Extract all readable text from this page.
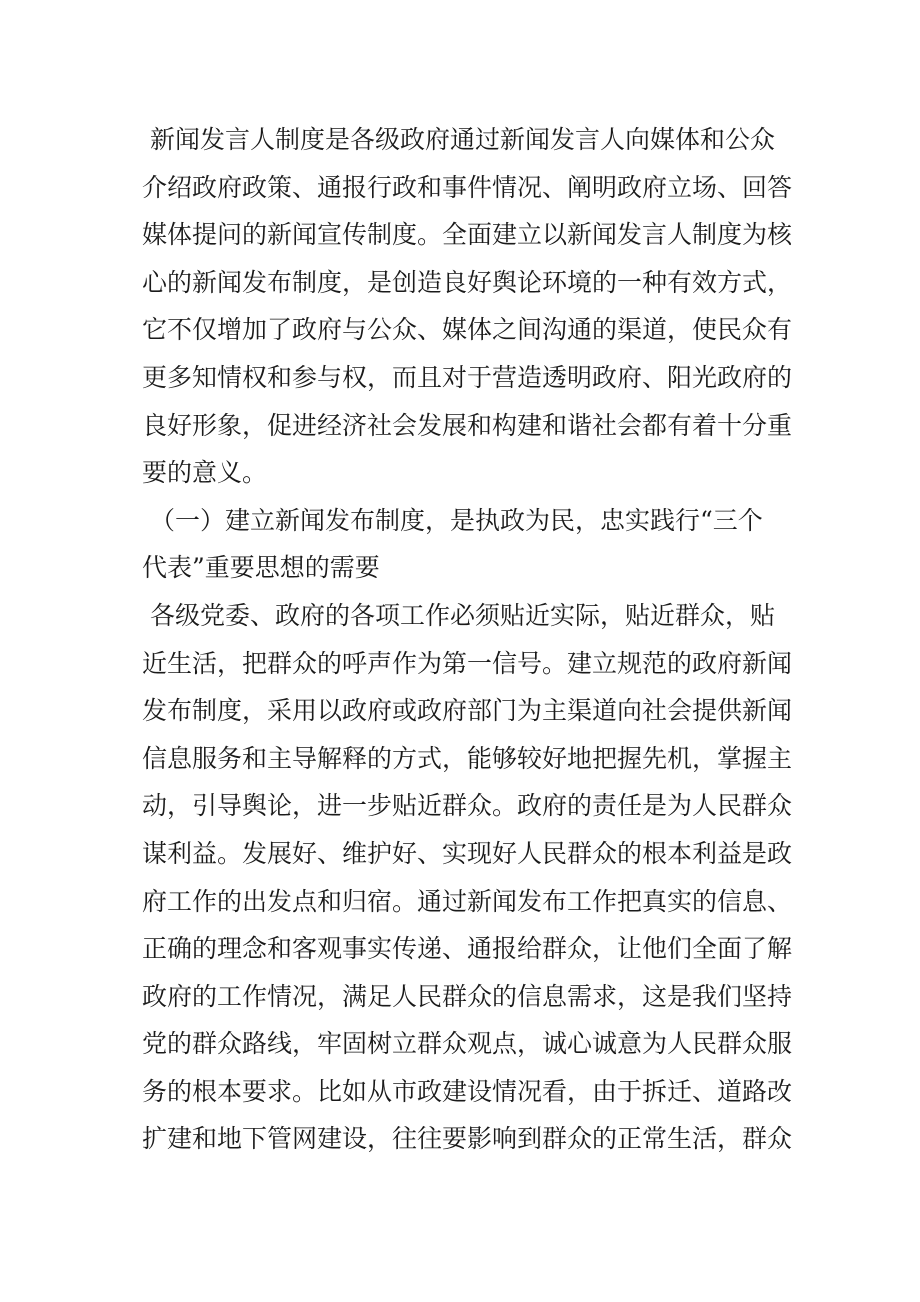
新闻发言人制度是各级政府通过新闻发言人向媒体和公众
介绍政府政策、通报行政和事件情况、阐明政府立场、回答
媒体提问的新闻宣传制度。全面建立以新闻发言人制度为核
心的新闻发布制度，是创造良好舆论环境的一种有效方式，
它不仅增加了政府与公众、媒体之间沟通的渠道，使民众有
更多知情权和参与权，而且对于营造透明政府、阳光政府的
良好形象，促进经济社会发展和构建和谐社会都有着十分重
要的意义。
（一）建立新闻发布制度，是执政为民，忠实践行“三个
代表”重要思想的需要
各级党委、政府的各项工作必须贴近实际，贴近群众，贴
近生活，把群众的呼声作为第一信号。建立规范的政府新闻
发布制度，采用以政府或政府部门为主渠道向社会提供新闻
信息服务和主导解释的方式，能够较好地把握先机，掌握主
动，引导舆论，进一步贴近群众。政府的责任是为人民群众
谋利益。发展好、维护好、实现好人民群众的根本利益是政
府工作的出发点和归宿。通过新闻发布工作把真实的信息、
正确的理念和客观事实传递、通报给群众，让他们全面了解
政府的工作情况，满足人民群众的信息需求，这是我们坚持
党的群众路线，牢固树立群众观点，诚心诚意为人民群众服
务的根本要求。比如从市政建设情况看，由于拆迁、道路改
扩建和地下管网建设，往往要影响到群众的正常生活，群众
